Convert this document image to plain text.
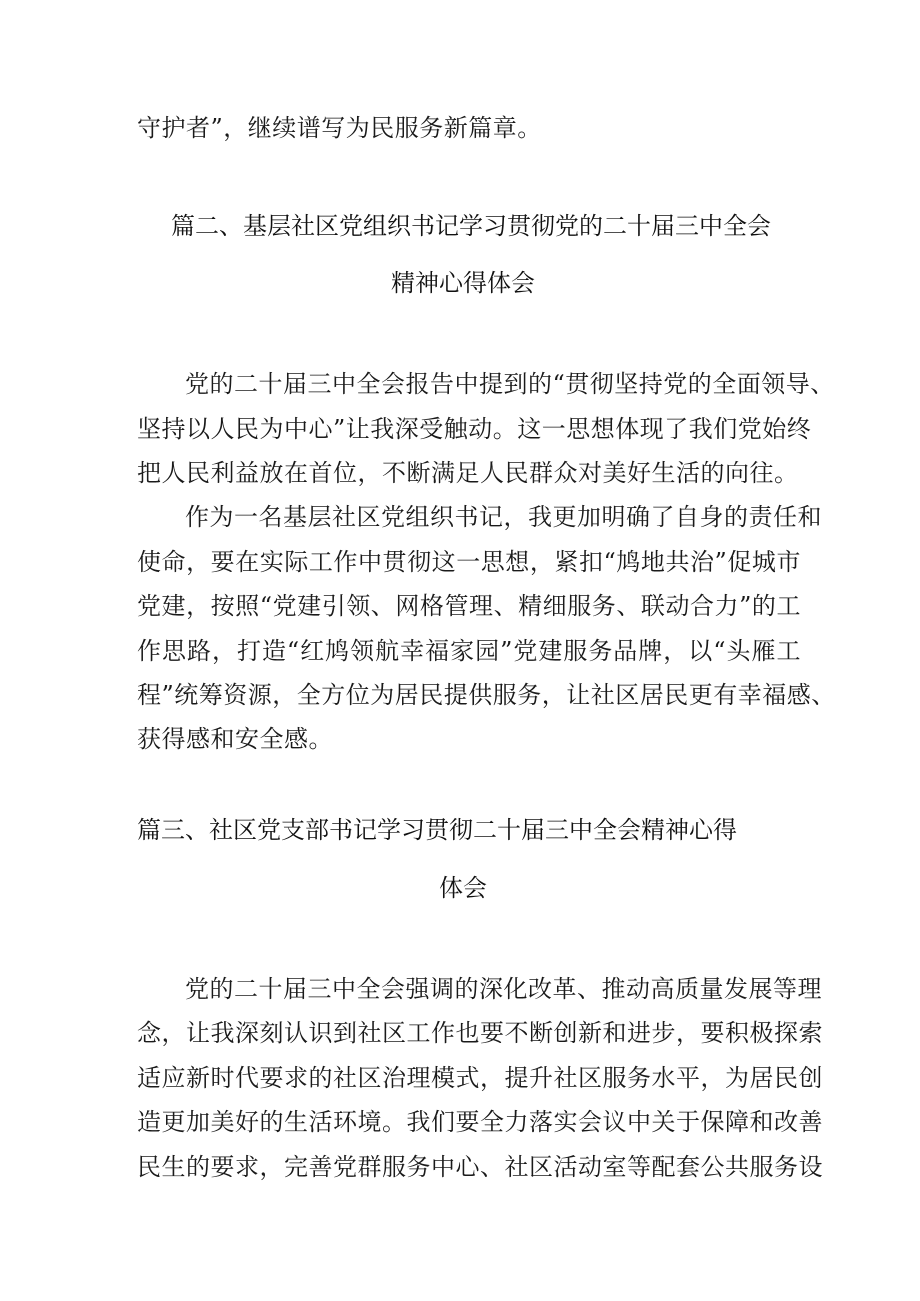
守护者”，继续谱写为民服务新篇章。
篇二、基层社区党组织书记学习贯彻党的二十届三中全会
精神心得体会
党的二十届三中全会报告中提到的“贯彻坚持党的全面领导、
坚持以人民为中心”让我深受触动。这一思想体现了我们党始终
把人民利益放在首位，不断满足人民群众对美好生活的向往。
作为一名基层社区党组织书记，我更加明确了自身的责任和
使命，要在实际工作中贯彻这一思想，紧扣“鸠地共治”促城市
党建，按照“党建引领、网格管理、精细服务、联动合力”的工
作思路，打造“红鸠领航幸福家园”党建服务品牌，以“头雁工
程”统筹资源，全方位为居民提供服务，让社区居民更有幸福感、
获得感和安全感。
篇三、社区党支部书记学习贯彻二十届三中全会精神心得
体会
党的二十届三中全会强调的深化改革、推动高质量发展等理
念，让我深刻认识到社区工作也要不断创新和进步，要积极探索
适应新时代要求的社区治理模式，提升社区服务水平，为居民创
造更加美好的生活环境。我们要全力落实会议中关于保障和改善
民生的要求，完善党群服务中心、社区活动室等配套公共服务设
